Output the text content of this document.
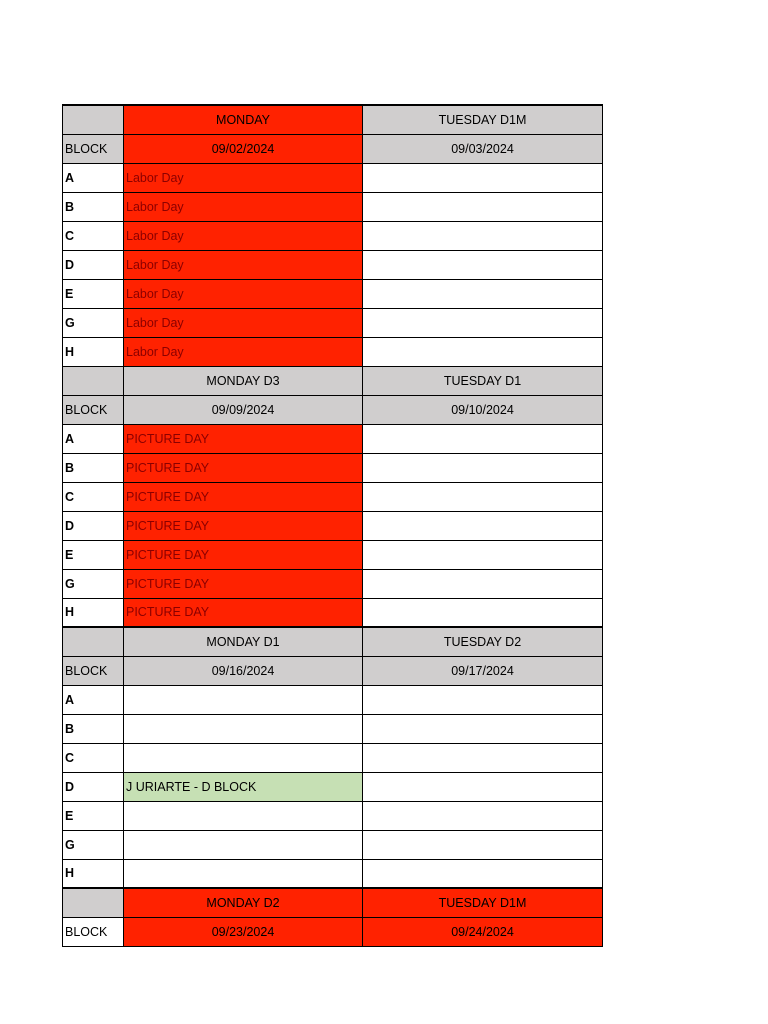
	MONDAY	TUESDAY D1M
BLOCK	09/02/2024	09/03/2024
A	Labor Day	
B	Labor Day	
C	Labor Day	
D	Labor Day	
E	Labor Day	
G	Labor Day	
H	Labor Day	
	MONDAY D3	TUESDAY D1
BLOCK	09/09/2024	09/10/2024
A	PICTURE DAY	
B	PICTURE DAY	
C	PICTURE DAY	
D	PICTURE DAY	
E	PICTURE DAY	
G	PICTURE DAY	
H	PICTURE DAY	
	MONDAY D1	TUESDAY D2
BLOCK	09/16/2024	09/17/2024
A		
B		
C		
D	J URIARTE - D BLOCK	
E		
G		
H		
	MONDAY D2	TUESDAY D1M
BLOCK	09/23/2024	09/24/2024
